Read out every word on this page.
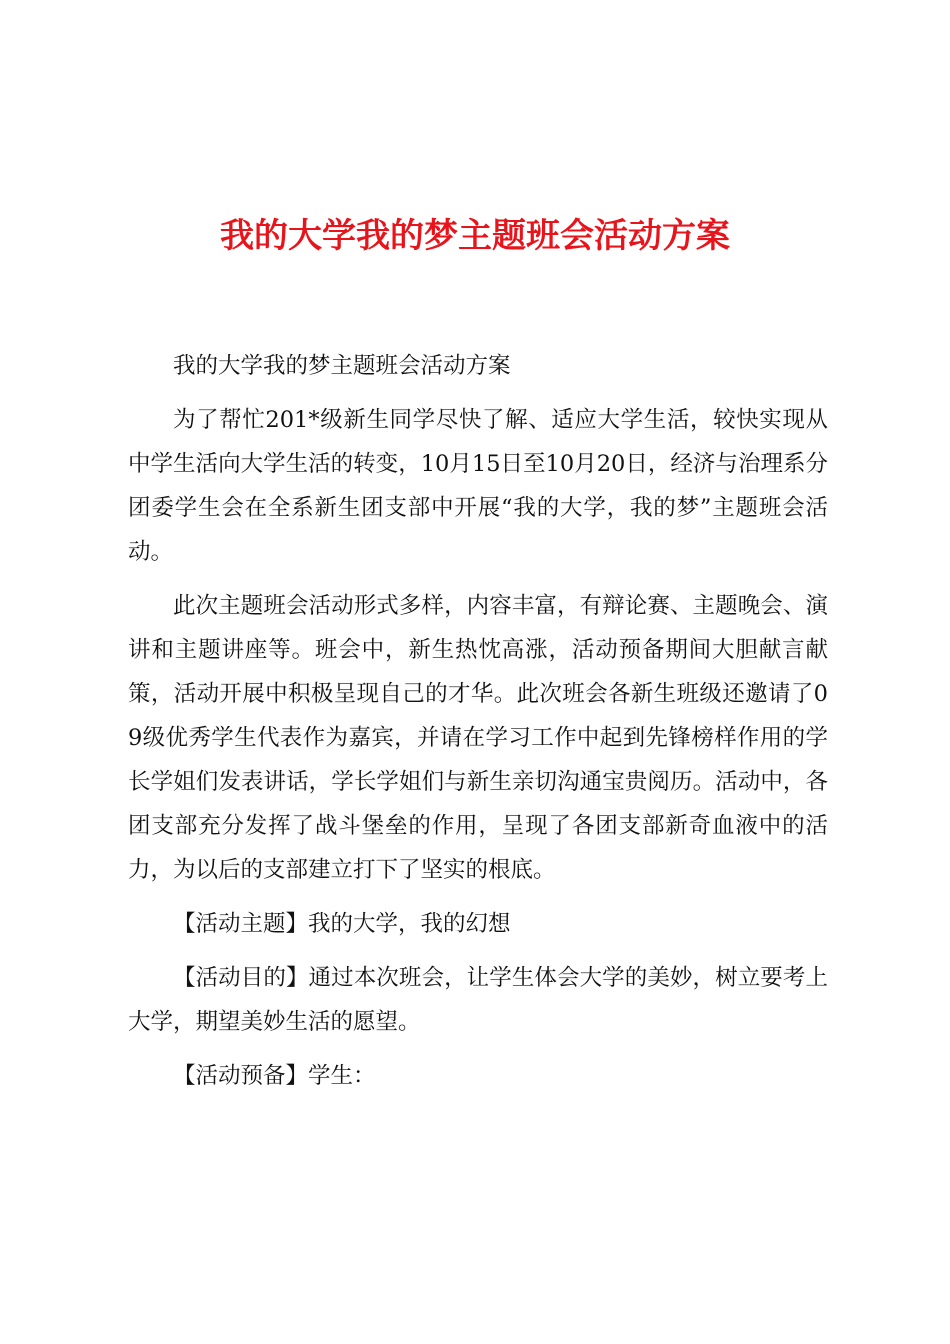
我的大学我的梦主题班会活动方案

我的大学我的梦主题班会活动方案

为了帮忙201*级新生同学尽快了解、适应大学生活，较快实现从中学生活向大学生活的转变，10月15日至10月20日，经济与治理系分团委学生会在全系新生团支部中开展“我的大学，我的梦”主题班会活动。

此次主题班会活动形式多样，内容丰富，有辩论赛、主题晚会、演讲和主题讲座等。班会中，新生热忱高涨，活动预备期间大胆献言献策，活动开展中积极呈现自己的才华。此次班会各新生班级还邀请了09级优秀学生代表作为嘉宾，并请在学习工作中起到先锋榜样作用的学长学姐们发表讲话，学长学姐们与新生亲切沟通宝贵阅历。活动中，各团支部充分发挥了战斗堡垒的作用，呈现了各团支部新奇血液中的活力，为以后的支部建立打下了坚实的根底。

【活动主题】我的大学，我的幻想

【活动目的】通过本次班会，让学生体会大学的美妙，树立要考上大学，期望美妙生活的愿望。

【活动预备】学生：
